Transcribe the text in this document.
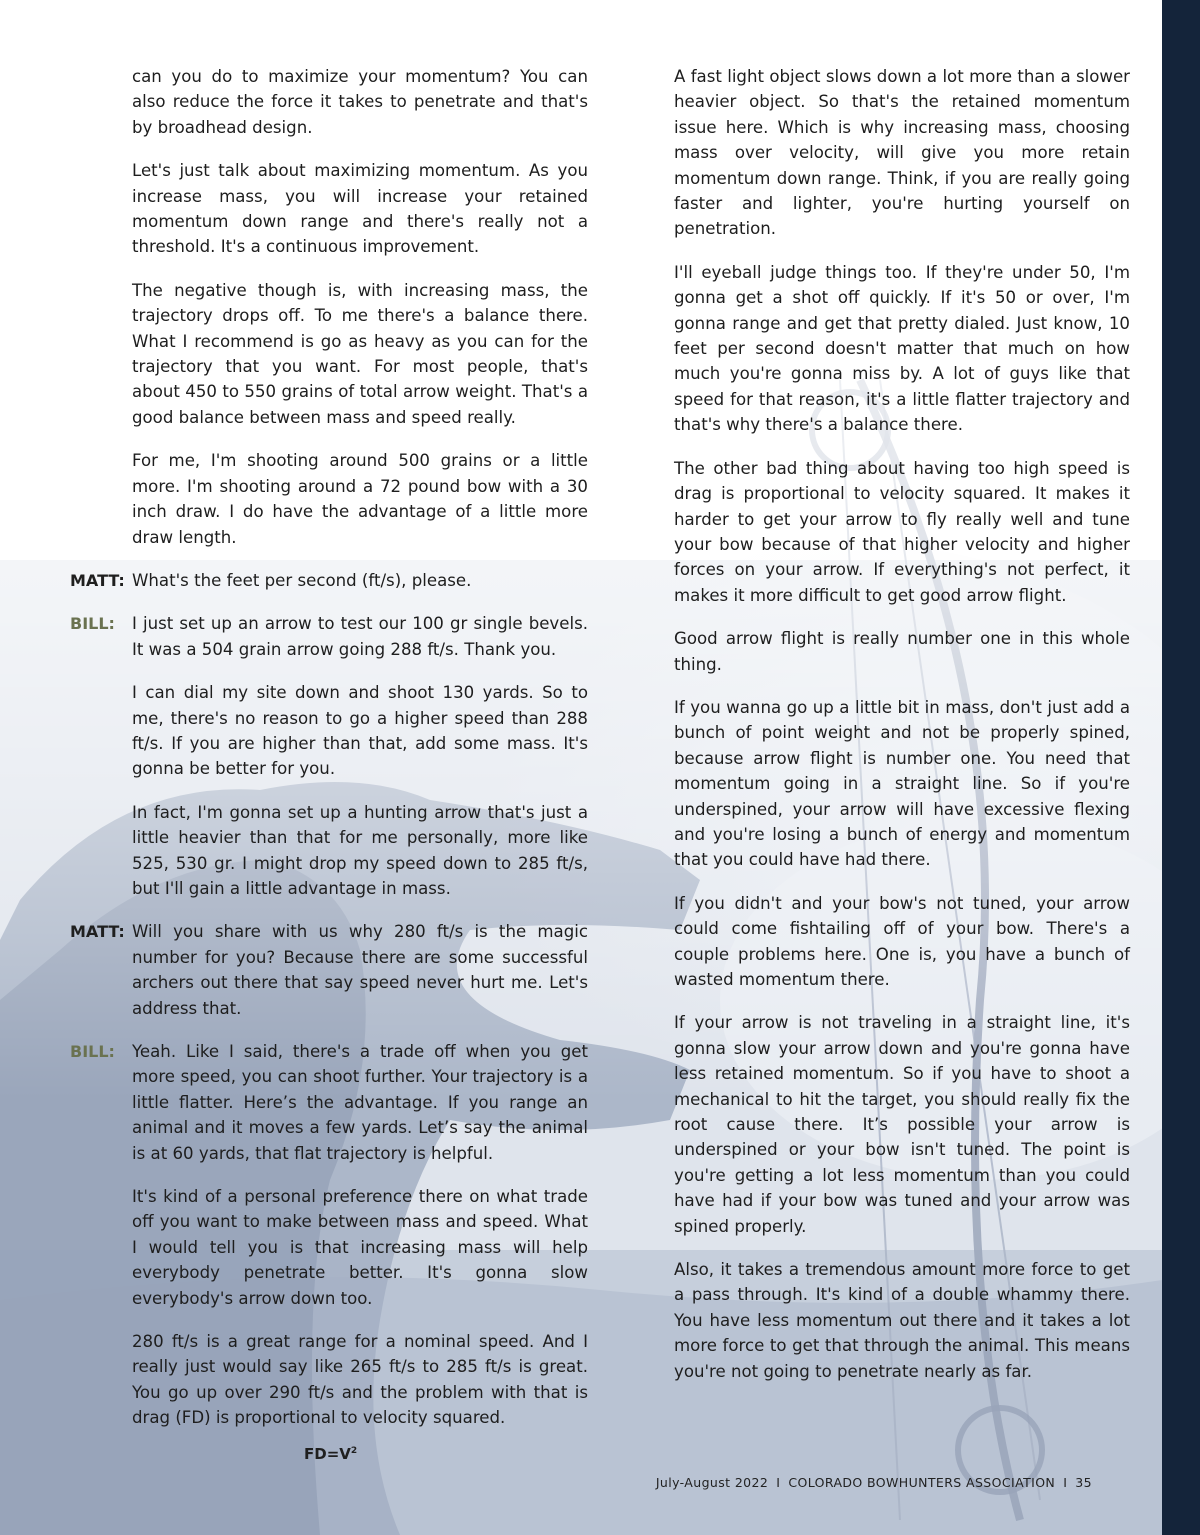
can you do to maximize your momentum? You can also reduce the force it takes to penetrate and that's by broadhead design.

Let's just talk about maximizing momentum. As you increase mass, you will increase your retained momentum down range and there's really not a threshold. It's a continuous improvement.

The negative though is, with increasing mass, the trajectory drops off. To me there's a balance there. What I recommend is go as heavy as you can for the trajectory that you want. For most people, that's about 450 to 550 grains of total arrow weight. That's a good balance between mass and speed really.

For me, I'm shooting around 500 grains or a little more. I'm shooting around a 72 pound bow with a 30 inch draw. I do have the advantage of a little more draw length.

MATT: What's the feet per second (ft/s), please.

BILL: I just set up an arrow to test our 100 gr single bevels. It was a 504 grain arrow going 288 ft/s. Thank you.

I can dial my site down and shoot 130 yards. So to me, there's no reason to go a higher speed than 288 ft/s. If you are higher than that, add some mass. It's gonna be better for you.

In fact, I'm gonna set up a hunting arrow that's just a little heavier than that for me personally, more like 525, 530 gr. I might drop my speed down to 285 ft/s, but I'll gain a little advantage in mass.

MATT: Will you share with us why 280 ft/s is the magic number for you? Because there are some successful archers out there that say speed never hurt me. Let's address that.

BILL: Yeah. Like I said, there's a trade off when you get more speed, you can shoot further. Your trajectory is a little flatter. Here’s the advantage. If you range an animal and it moves a few yards. Let’s say the animal is at 60 yards, that flat trajectory is helpful.

It's kind of a personal preference there on what trade off you want to make between mass and speed. What I would tell you is that increasing mass will help everybody penetrate better. It's gonna slow everybody's arrow down too.

280 ft/s is a great range for a nominal speed. And I really just would say like 265 ft/s to 285 ft/s is great. You go up over 290 ft/s and the problem with that is drag (FD) is proportional to velocity squared.

$FD=V^2$

A fast light object slows down a lot more than a slower heavier object. So that's the retained momentum issue here. Which is why increasing mass, choosing mass over velocity, will give you more retain momentum down range. Think, if you are really going faster and lighter, you're hurting yourself on penetration.

I'll eyeball judge things too. If they're under 50, I'm gonna get a shot off quickly. If it's 50 or over, I'm gonna range and get that pretty dialed. Just know, 10 feet per second doesn't matter that much on how much you're gonna miss by. A lot of guys like that speed for that reason, it's a little flatter trajectory and that's why there's a balance there.

The other bad thing about having too high speed is drag is proportional to velocity squared. It makes it harder to get your arrow to fly really well and tune your bow because of that higher velocity and higher forces on your arrow. If everything's not perfect, it makes it more difficult to get good arrow flight.

Good arrow flight is really number one in this whole thing.

If you wanna go up a little bit in mass, don't just add a bunch of point weight and not be properly spined, because arrow flight is number one. You need that momentum going in a straight line. So if you're underspined, your arrow will have excessive flexing and you're losing a bunch of energy and momentum that you could have had there.

If you didn't and your bow's not tuned, your arrow could come fishtailing off of your bow. There's a couple problems here. One is, you have a bunch of wasted momentum there.

If your arrow is not traveling in a straight line, it's gonna slow your arrow down and you're gonna have less retained momentum. So if you have to shoot a mechanical to hit the target, you should really fix the root cause there. It’s possible your arrow is underspined or your bow isn't tuned. The point is you're getting a lot less momentum than you could have had if your bow was tuned and your arrow was spined properly.

Also, it takes a tremendous amount more force to get a pass through. It's kind of a double whammy there. You have less momentum out there and it takes a lot more force to get that through the animal. This means you're not going to penetrate nearly as far.

July-August 2022 I COLORADO BOWHUNTERS ASSOCIATION I 35
